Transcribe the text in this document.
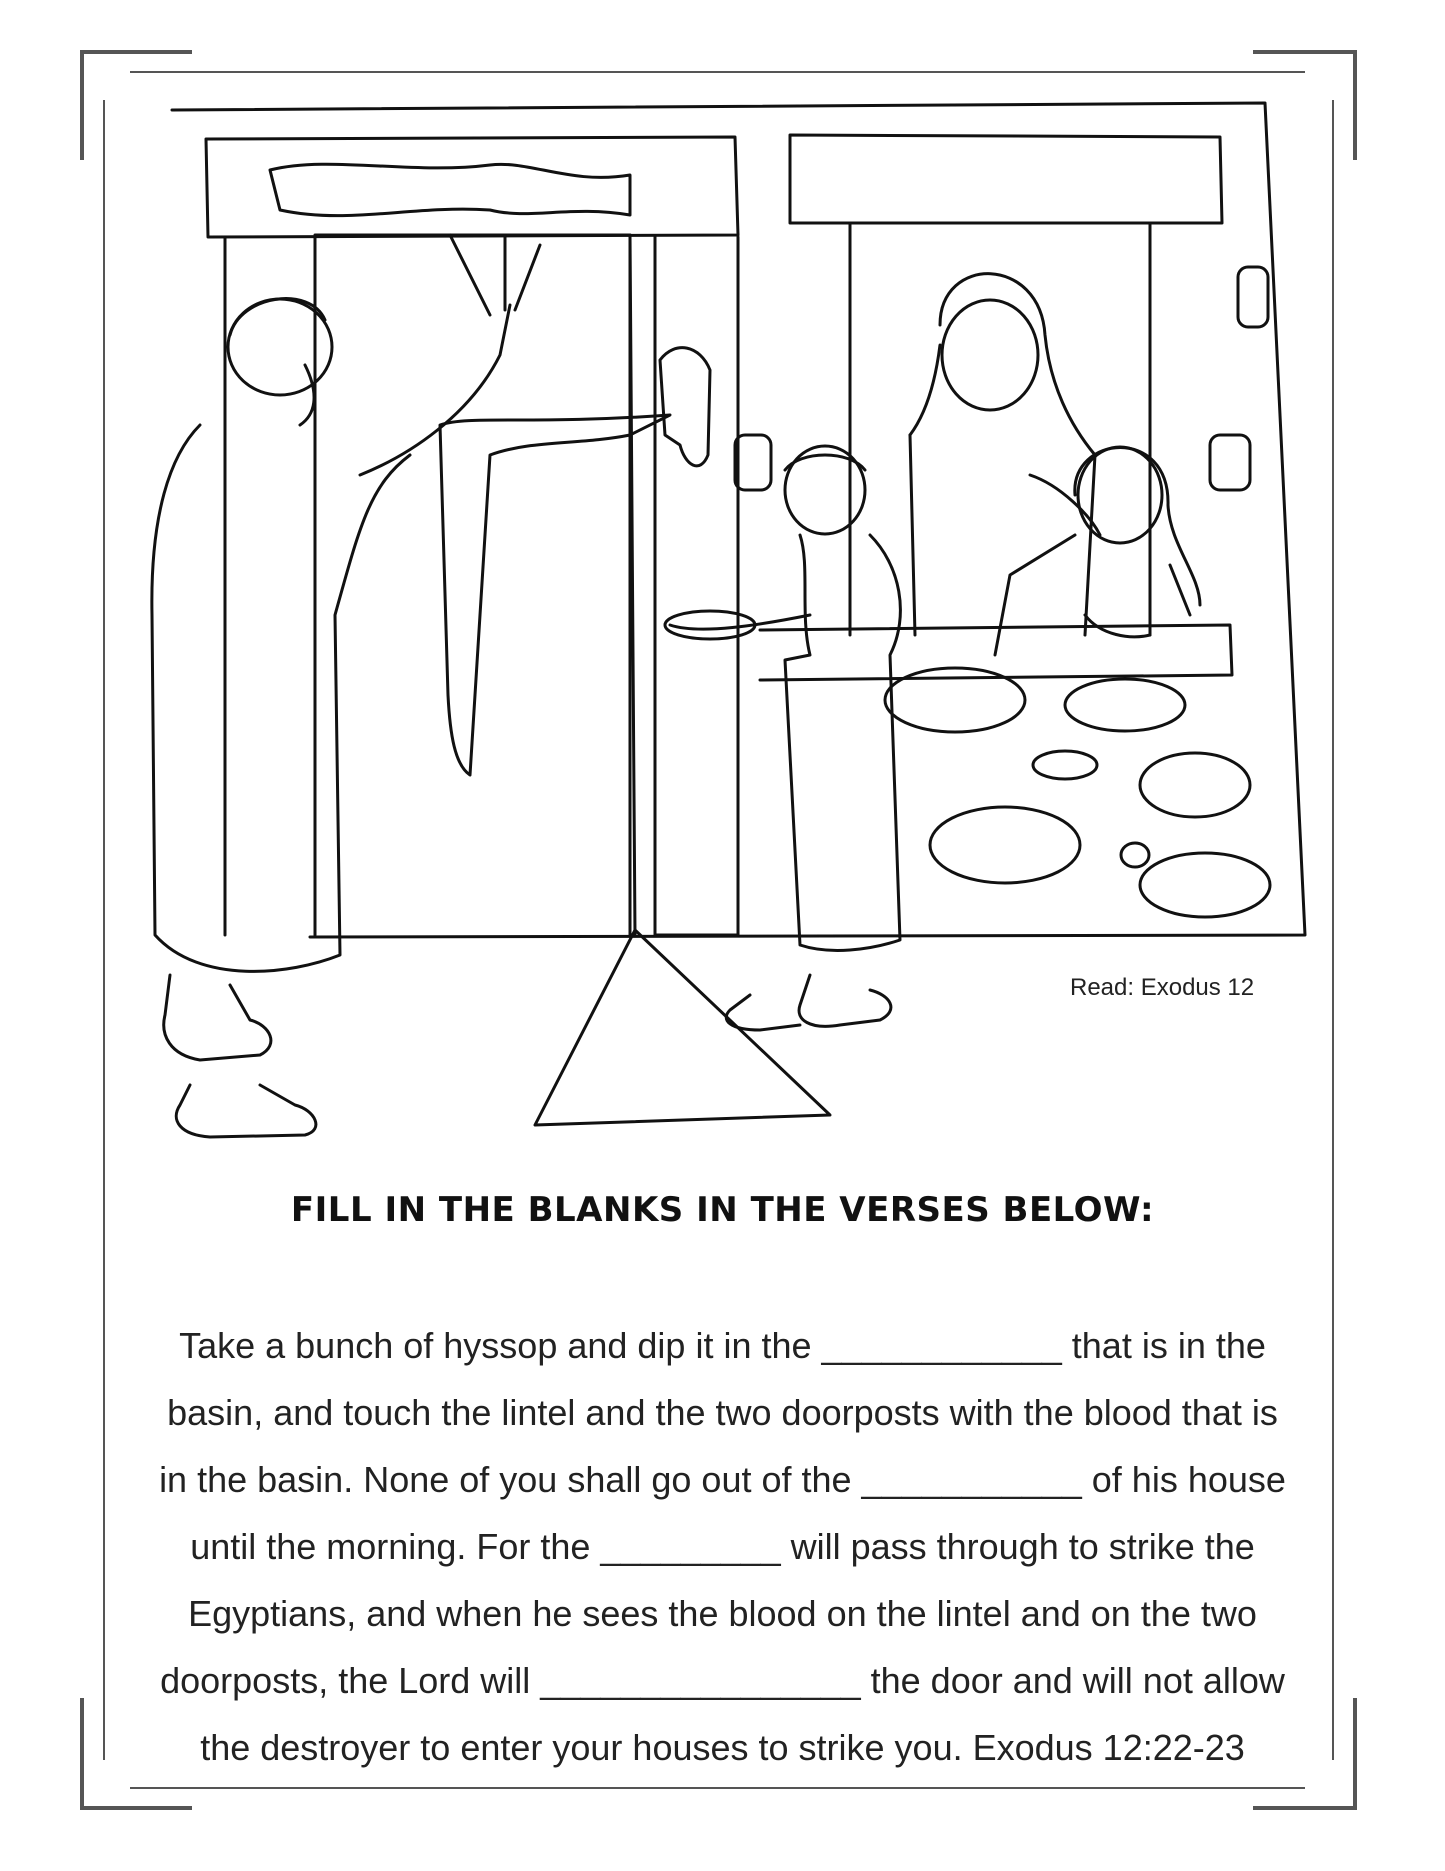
Read: Exodus 12
FILL IN THE BLANKS IN THE VERSES BELOW:
Take a bunch of hyssop and dip it in the ____________ that is in the
basin, and touch the lintel and the two doorposts with the blood that is
in the basin. None of you shall go out of the ___________ of his house
until the morning. For the _________ will pass through to strike the
Egyptians, and when he sees the blood on the lintel and on the two
doorposts, the Lord will ________________ the door and will not allow
the destroyer to enter your houses to strike you. Exodus 12:22-23
